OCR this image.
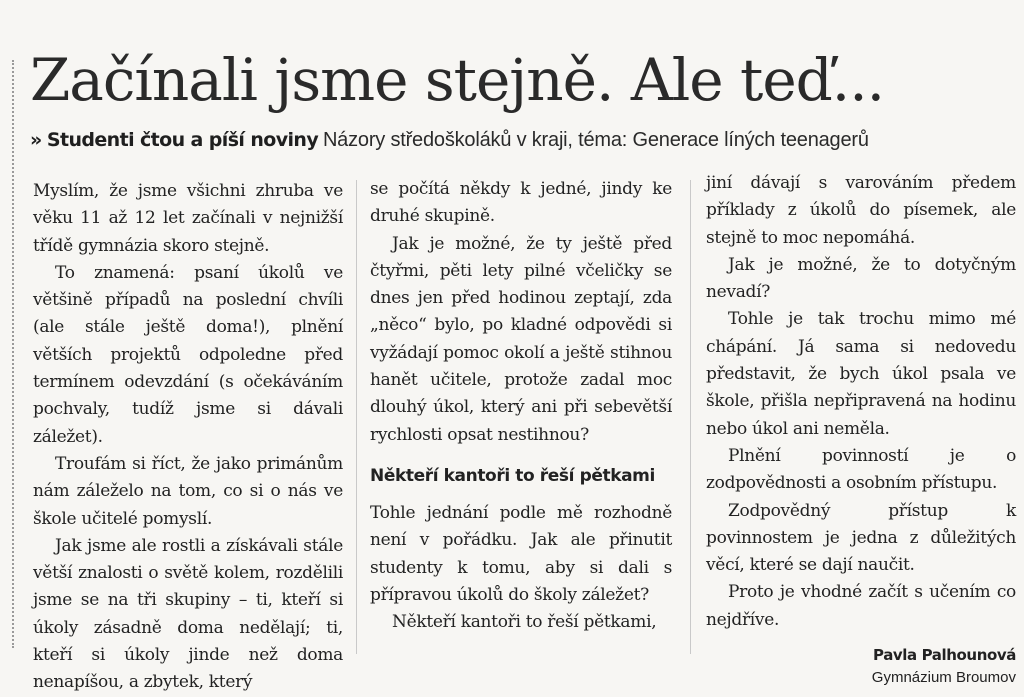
Začínali jsme stejně. Ale teď...
» Studenti čtou a píší noviny Názory středoškoláků v kraji, téma: Generace líných teenagerů

Myslím, že jsme všichni zhruba ve věku 11 až 12 let začínali v nejnižší třídě gymnázia skoro stejně.

To znamená: psaní úkolů ve většině případů na poslední chvíli (ale stále ještě doma!), plnění větších projektů odpoledne před termínem odevzdání (s očekáváním pochvaly, tudíž jsme si dávali záležet).

Troufám si říct, že jako primánům nám záleželo na tom, co si o nás ve škole učitelé pomyslí.

Jak jsme ale rostli a získávali stále větší znalosti o světě kolem, rozdělili jsme se na tři skupiny – ti, kteří si úkoly zásadně doma nedělají; ti, kteří si úkoly jinde než doma nenapíšou, a zbytek, který

se počítá někdy k jedné, jindy ke druhé skupině.

Jak je možné, že ty ještě před čtyřmi, pěti lety pilné včeličky se dnes jen před hodinou zeptají, zda „něco“ bylo, po kladné odpovědi si vyžádají pomoc okolí a ještě stihnou hanět učitele, protože zadal moc dlouhý úkol, který ani při sebevětší rychlosti opsat nestihnou?

Někteří kantoři to řeší pětkami

Tohle jednání podle mě rozhodně není v pořádku. Jak ale přinutit studenty k tomu, aby si dali s přípravou úkolů do školy záležet?

Někteří kantoři to řeší pětkami,

jiní dávají s varováním předem příklady z úkolů do písemek, ale stejně to moc nepomáhá.

Jak je možné, že to dotyčným nevadí?

Tohle je tak trochu mimo mé chápání. Já sama si nedovedu představit, že bych úkol psala ve škole, přišla nepřipravená na hodinu nebo úkol ani neměla.

Plnění povinností je o zodpovědnosti a osobním přístupu.

Zodpovědný přístup k povinnostem je jedna z důležitých věcí, které se dají naučit.

Proto je vhodné začít s učením co nejdříve.

Pavla Palhounová
Gymnázium Broumov
